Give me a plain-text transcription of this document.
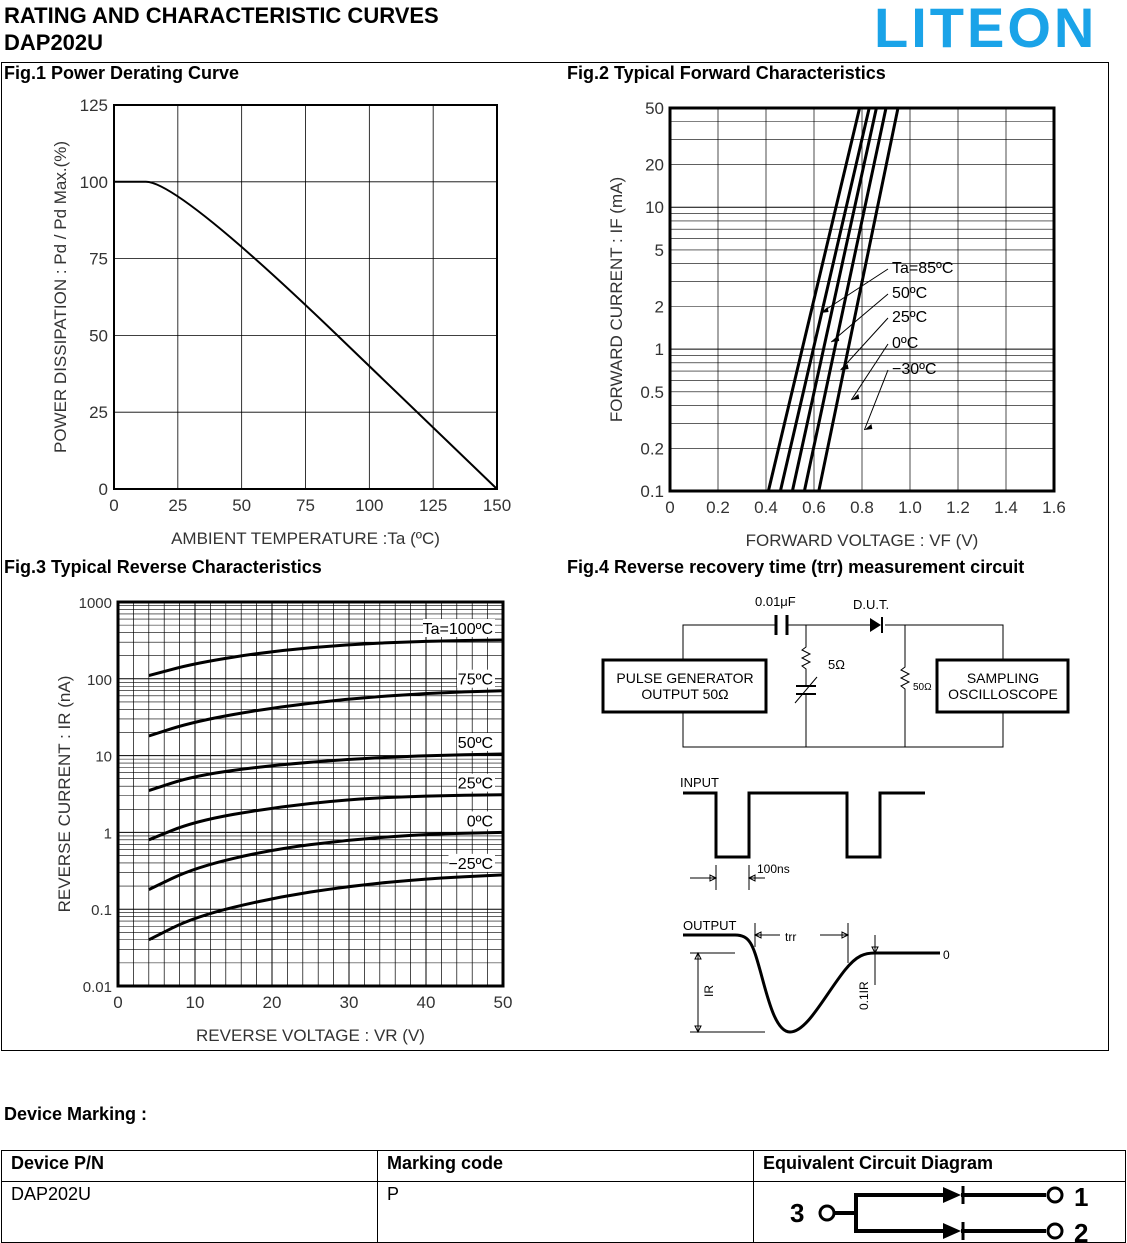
RATING AND CHARACTERISTIC CURVES
DAP202U	LITEON
Fig.1 Power Derating Curve	Fig.2 Typical Forward Characteristics
Fig.3 Typical Reverse Characteristics	Fig.4 Reverse recovery time (trr) measurement circuit
0	25	50	75 100 125 150
0
25
50
75
100
125
AMBIENT TEMPERATURE :Ta (ºC)
POWER DISSIPATION : Pd / Pd Max.(%)
0 0.2 0.4 0.6 0.8 1.0 1.2 1.4 1.6
0.1
0.2
0.5
1
2
5
10
20
50
FORWARD VOLTAGE : VF (V)
FORWARD CURRENT : IF (mA)	Ta=85ºC
50ºC
25ºC
0ºC
−30ºC
0	10	20	30	40	50
0.01
0.1
1
10
100
1000
REVERSE VOLTAGE : VR (V)
REVERSE CURRENT : IR (nA)
Ta=100ºC
75ºC
50ºC
25ºC
0ºC
−25ºC
PULSE GENERATOR
OUTPUT 50Ω
SAMPLING
OSCILLOSCOPE
0.01μF	D.U.T.
5Ω
50Ω
INPUT
100ns
OUTPUT
0
trr
IR	0.1IR
Device Marking :
Device P/N	Marking code	Equivalent Circuit Diagram
DAP202U	P	3
1
2
